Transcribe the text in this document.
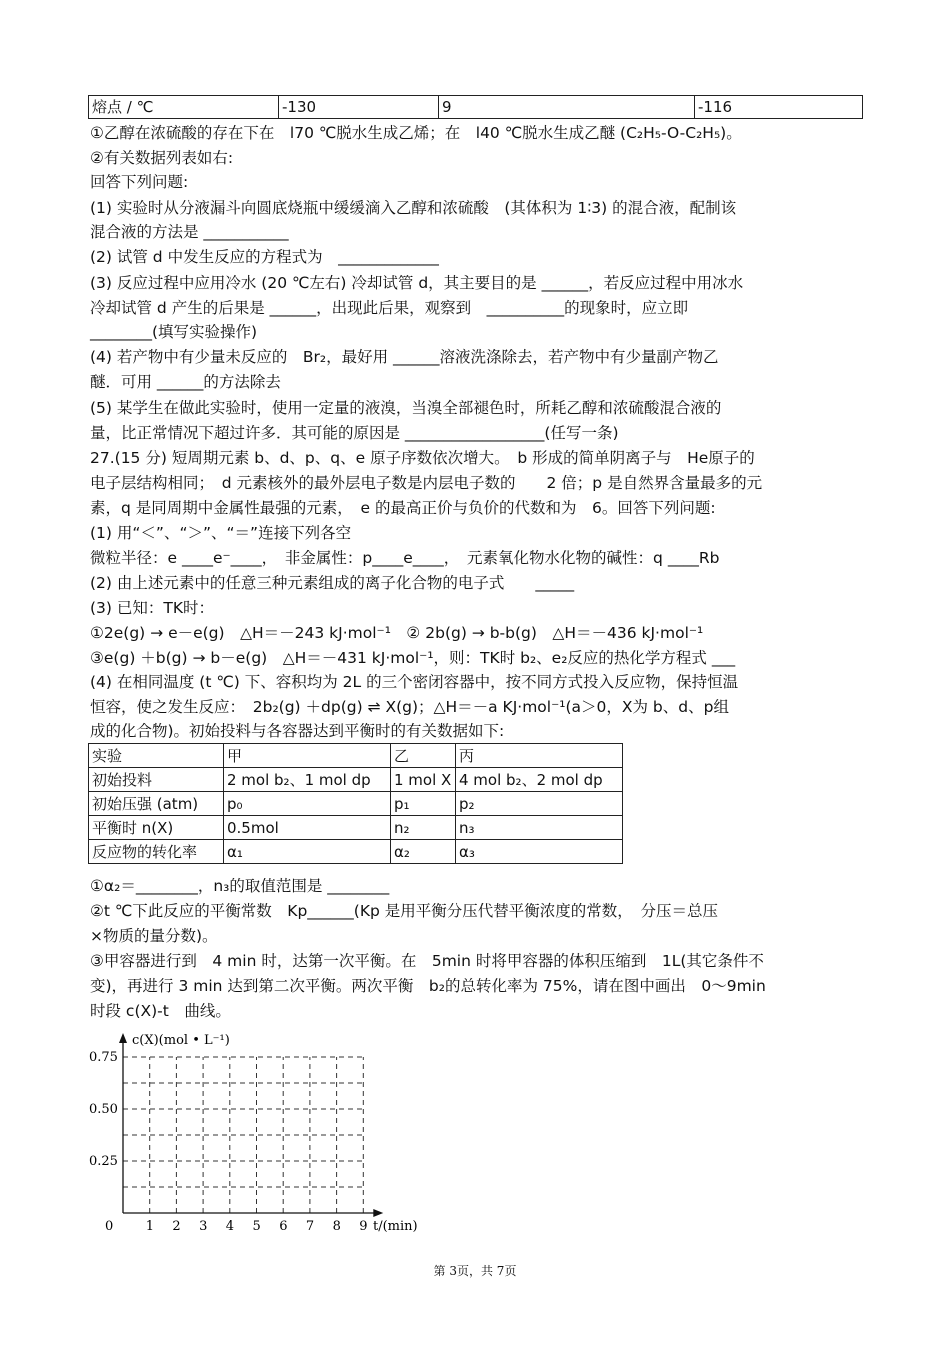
熔点 / ℃	-130	9	-116
①乙醇在浓硫酸的存在下在　l70 ℃脱水生成乙烯；在　l40 ℃脱水生成乙醚 (C₂H₅-O-C₂H₅)。
②有关数据列表如右:
回答下列问题:
(1) 实验时从分液漏斗向圆底烧瓶中缓缓滴入乙醇和浓硫酸　(其体积为 1∶3) 的混合液，配制该
混合液的方法是 ___________
(2) 试管 d 中发生反应的方程式为　_____________
(3) 反应过程中应用冷水 (20 ℃左右) 冷却试管 d，其主要目的是 ______，若反应过程中用冰水
冷却试管 d 产生的后果是 ______，出现此后果，观察到　__________的现象时，应立即
________(填写实验操作)
(4) 若产物中有少量未反应的　Br₂，最好用 ______溶液洗涤除去，若产物中有少量副产物乙
醚．可用 ______的方法除去
(5) 某学生在做此实验时，使用一定量的液溴，当溴全部褪色时，所耗乙醇和浓硫酸混合液的
量，比正常情况下超过许多．其可能的原因是 __________________(任写一条)
27.(15 分) 短周期元素 b、d、p、q、e 原子序数依次增大。　b 形成的简单阴离子与　He原子的
电子层结构相同；　d 元素核外的最外层电子数是内层电子数的　　2 倍；p 是自然界含量最多的元
素，q 是同周期中金属性最强的元素，　e 的最高正价与负价的代数和为　6。回答下列问题:
(1) 用“＜”、“＞”、“＝”连接下列各空
微粒半径：e ____e⁻____，　非金属性：p____e____，　元素氧化物水化物的碱性：q ____Rb
(2) 由上述元素中的任意三种元素组成的离子化合物的电子式　　_____
(3) 已知：TK时：
①2e(g) → e－e(g)　△H＝－243 kJ·mol⁻¹　② 2b(g) → b-b(g)　△H＝－436 kJ·mol⁻¹
③e(g) ＋b(g) → b－e(g)　△H＝－431 kJ·mol⁻¹，则：TK时 b₂、e₂反应的热化学方程式 ___
(4) 在相同温度 (t ℃) 下、容积均为 2L 的三个密闭容器中，按不同方式投入反应物，保持恒温
恒容，使之发生反应：　2b₂(g) ＋dp(g) ⇌ X(g)；△H＝－a KJ·mol⁻¹(a＞0，X为 b、d、p组
成的化合物)。初始投料与各容器达到平衡时的有关数据如下:
实验	甲	乙	丙
初始投料	2 mol b₂、1 mol dp	1 mol X	4 mol b₂、2 mol dp
初始压强 (atm)	p₀	p₁	p₂
平衡时 n(X)	0.5mol	n₂	n₃
反应物的转化率	α₁	α₂	α₃
①α₂＝________，n₃的取值范围是 ________
②t ℃下此反应的平衡常数　Kp______(Kp 是用平衡分压代替平衡浓度的常数，　分压＝总压
×物质的量分数)。
③甲容器进行到　4 min 时，达第一次平衡。在　5min 时将甲容器的体积压缩到　1L(其它条件不
变)，再进行 3 min 达到第二次平衡。两次平衡　b₂的总转化率为 75%，请在图中画出　0～9min
时段 c(X)-t　曲线。
0 1 2 3 4 5 6 7 8 9
0.25
0.50
0.75
c(X)(mol • L⁻¹)
t/(min)
第 3页，共 7页
